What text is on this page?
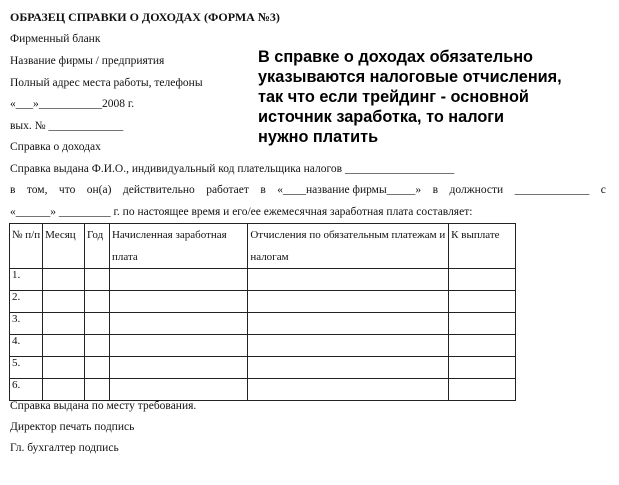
ОБРАЗЕЦ СПРАВКИ О ДОХОДАХ (ФОРМА №3)
Фирменный бланк
Название фирмы / предприятия
Полный адрес места работы, телефоны
«___»___________2008 г.
вых. № _____________
Справка о доходах
Справка выдана Ф.И.О., индивидуальный код плательщика налогов ___________________
в том, что он(а) действительно работает в «____название фирмы_____» в должности _____________ с
«______» _________ г. по настоящее время и его/ее ежемесячная заработная плата составляет:
В справке о доходах обязательно
указываются налоговые отчисления,
так что если трейдинг - основной
источник заработка, то налоги
нужно платить
№ п/п	Месяц	Год	Начисленная заработная плата	Отчисления по обязательным платежам и налогам	К выплате
1.					
2.					
3.					
4.					
5.					
6.					
Справка выдана по месту требования.
Директор печать подпись
Гл. бухгалтер подпись
